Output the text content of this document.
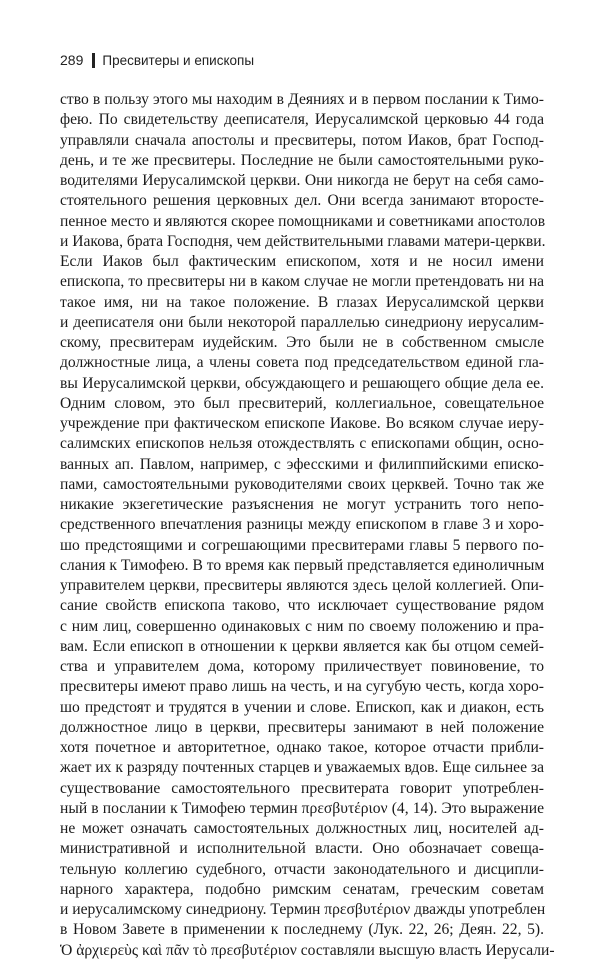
289 Пресвитеры и епископы
ство в пользу этого мы находим в Деяниях и в первом послании к Тимо-
фею. По свидетельству деeписателя, Иерусалимской церковью 44 года
управляли сначала апостолы и пресвитеры, потом Иаков, брат Господ-
день, и те же пресвитеры. Последние не были самостоятельными руко-
водителями Иерусалимской церкви. Они никогда не берут на себя само-
стоятельного решения церковных дел. Они всегда занимают второсте-
пенное место и являются скорее помощниками и советниками апостолов
и Иакова, брата Господня, чем действительными главами матери-церкви.
Если Иаков был фактическим епископом, хотя и не носил имени
епископа, то пресвитеры ни в каком случае не могли претендовать ни на
такое имя, ни на такое положение. В глазах Иерусалимской церкви
и деeписателя они были некоторой параллелью синедриону иерусалим-
скому, пресвитерам иудейским. Это были не в собственном смысле
должностные лица, а члены совета под председательством единой гла-
вы Иерусалимской церкви, обсуждающего и решающего общие дела ее.
Одним словом, это был пресвитерий, коллегиальное, совещательное
учреждение при фактическом епископе Иакове. Во всяком случае иеру-
салимских епископов нельзя отождествлять с епископами общин, осно-
ванных ап. Павлом, например, с эфесскими и филиппийскими еписко-
пами, самостоятельными руководителями своих церквей. Точно так же
никакие экзегетические разъяснения не могут устранить того непо-
средственного впечатления разницы между епископом в главе 3 и хоро-
шо предстоящими и согрешающими пресвитерами главы 5 первого по-
слания к Тимофею. В то время как первый представляется единоличным
управителем церкви, пресвитеры являются здесь целой коллегией. Опи-
сание свойств епископа таково, что исключает существование рядом
с ним лиц, совершенно одинаковых с ним по своему положению и пра-
вам. Если епископ в отношении к церкви является как бы отцом семей-
ства и управителем дома, которому приличествует повиновение, то
пресвитеры имеют право лишь на честь, и на сугубую честь, когда хоро-
шо предстоят и трудятся в учении и слове. Епископ, как и диакон, есть
должностное лицо в церкви, пресвитеры занимают в ней положение
хотя почетное и авторитетное, однако такое, которое отчасти прибли-
жает их к разряду почтенных старцев и уважаемых вдов. Еще сильнее за
существование самостоятельного пресвитерата говорит употреблен-
ный в послании к Тимофею термин πρεσβυτέριον (4, 14). Это выражение
не может означать самостоятельных должностных лиц, носителей ад-
министративной и исполнительной власти. Оно обозначает совеща-
тельную коллегию судебного, отчасти законодательного и дисципли-
нарного характера, подобно римским сенатам, греческим советам
и иерусалимскому синедриону. Термин πρεσβυτέριον дважды употреблен
в Новом Завете в применении к последнему (Лук. 22, 26; Деян. 22, 5).
Ὁ ἀρχιερεὺς καὶ πᾶν τὸ πρεσβυτέριον составляли высшую власть Иерусали-
